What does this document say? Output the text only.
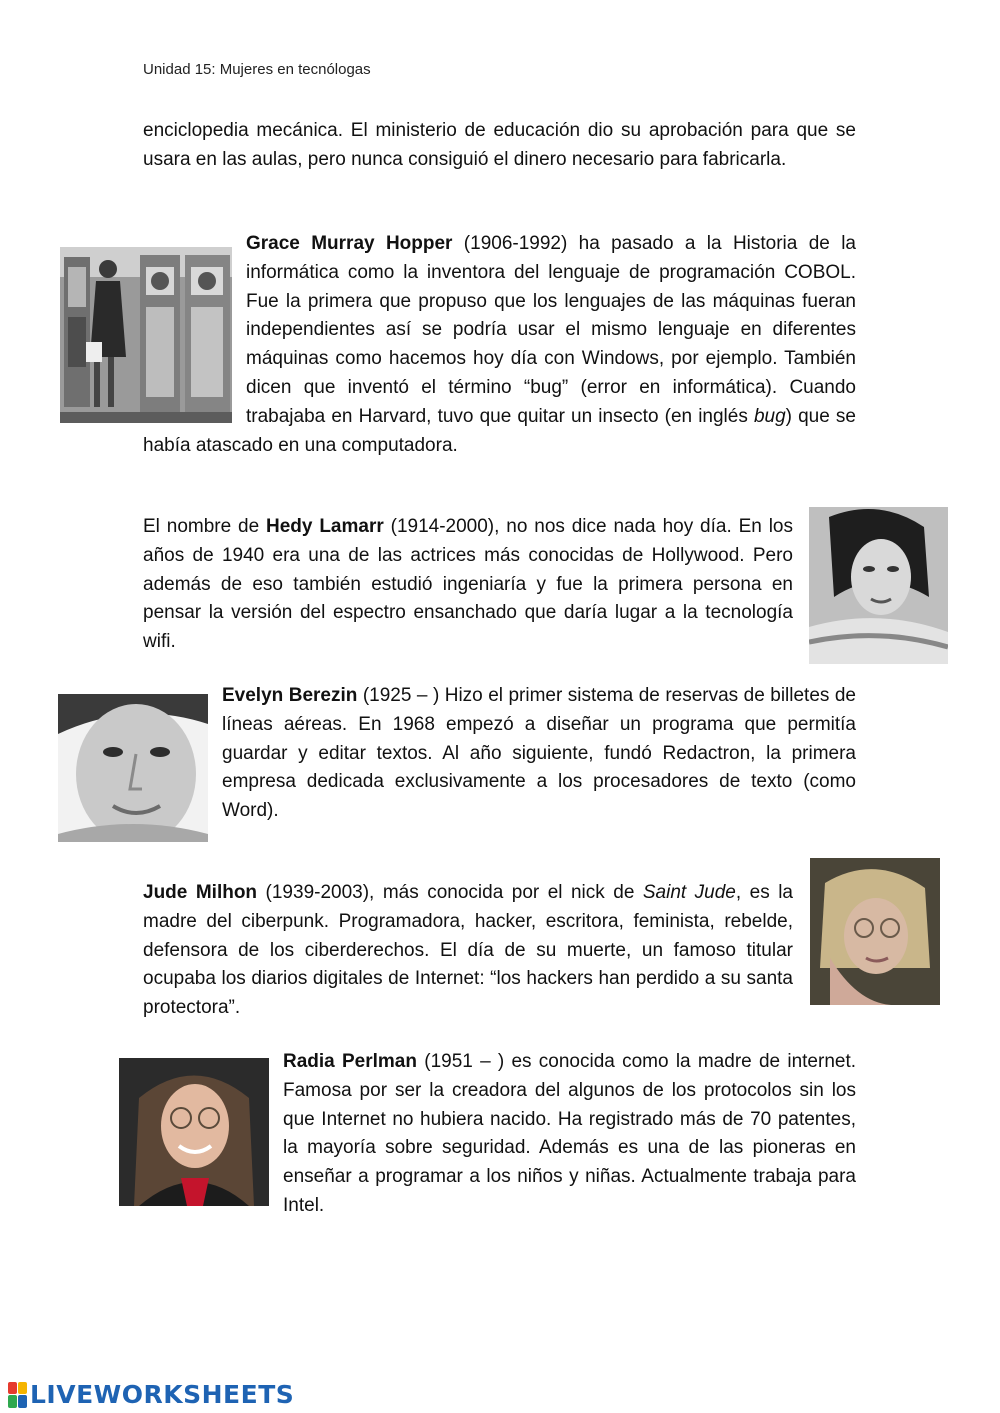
Unidad 15: Mujeres en tecnólogas

enciclopedia mecánica. El ministerio de educación dio su aprobación para que se usara en las aulas, pero nunca consiguió el dinero necesario para fabricarla.

Grace Murray Hopper (1906-1992) ha pasado a la Historia de la informática como la inventora del lenguaje de programación COBOL. Fue la primera que propuso que los lenguajes de las máquinas fueran independientes así se podría usar el mismo lenguaje en diferentes máquinas como hacemos hoy día con Windows, por ejemplo. También dicen que inventó el término “bug” (error en informática). Cuando trabajaba en Harvard, tuvo que quitar un insecto (en inglés bug) que se había atascado en una computadora.

El nombre de Hedy Lamarr (1914-2000), no nos dice nada hoy día. En los años de 1940 era una de las actrices más conocidas de Hollywood. Pero además de eso también estudió ingeniaría y fue la primera persona en pensar la versión del espectro ensanchado que daría lugar a la tecnología wifi.

Evelyn Berezin (1925 – ) Hizo el primer sistema de reservas de billetes de líneas aéreas. En 1968 empezó a diseñar un programa que permitía guardar y editar textos. Al año siguiente, fundó Redactron, la primera empresa dedicada exclusivamente a los procesadores de texto (como Word).

Jude Milhon (1939-2003), más conocida por el nick de Saint Jude, es la madre del ciberpunk. Programadora, hacker, escritora, feminista, rebelde, defensora de los ciberderechos. El día de su muerte, un famoso titular ocupaba los diarios digitales de Internet: “los hackers han perdido a su santa protectora”.

Radia Perlman (1951 – ) es conocida como la madre de internet. Famosa por ser la creadora del algunos de los protocolos sin los que Internet no hubiera nacido. Ha registrado más de 70 patentes, la mayoría sobre seguridad. Además es una de las pioneras en enseñar a programar a los niños y niñas. Actualmente trabaja para Intel.

LIVEWORKSHEETS
